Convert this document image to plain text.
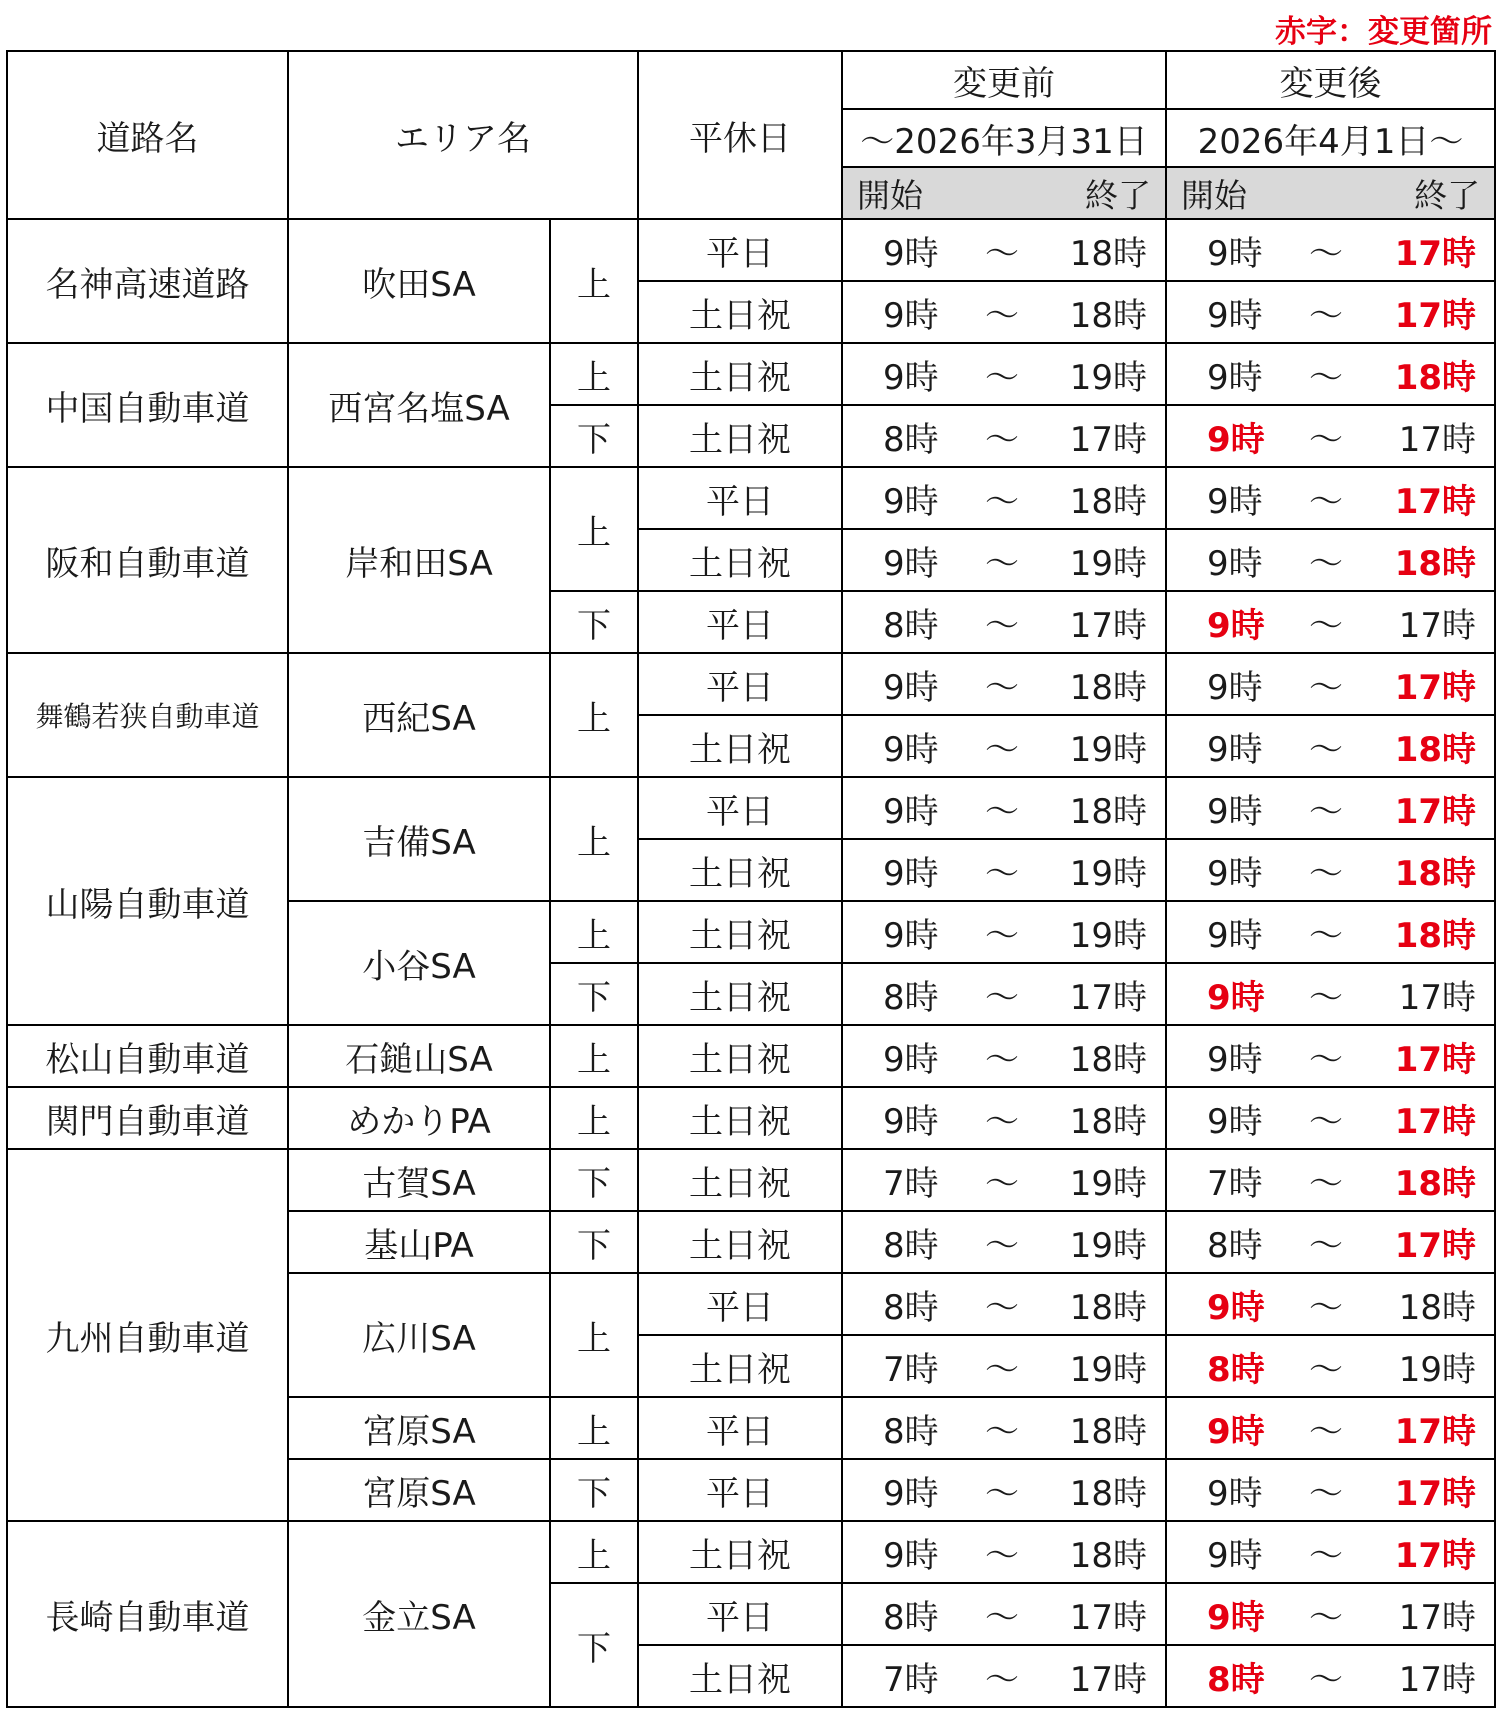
赤字：変更箇所
道路名	エリア名		平休日	変更前			変更後		
				～2026年3月31日			2026年4月1日～		

				開始 終了			開始 終了		

名神高速道路	吹田SA	上	平日	9時	～	18時	9時	～	17時
			土日祝	9時	～	18時	9時	～	17時
中国自動車道	西宮名塩SA	上	土日祝	9時	～	19時	9時	～	18時
		下	土日祝	8時	～	17時	9時	～	17時
阪和自動車道	岸和田SA	上	平日	9時	～	18時	9時	～	17時
			土日祝	9時	～	19時	9時	～	18時
		下	平日	8時	～	17時	9時	～	17時
舞鶴若狭自動車道	西紀SA	上	平日	9時	～	18時	9時	～	17時
			土日祝	9時	～	19時	9時	～	18時
山陽自動車道	吉備SA	上	平日	9時	～	18時	9時	～	17時
			土日祝	9時	～	19時	9時	～	18時
	小谷SA	上	土日祝	9時	～	19時	9時	～	18時
		下	土日祝	8時	～	17時	9時	～	17時
松山自動車道	石鎚山SA	上	土日祝	9時	～	18時	9時	～	17時
関門自動車道	めかりPA	上	土日祝	9時	～	18時	9時	～	17時
九州自動車道	古賀SA	下	土日祝	7時	～	19時	7時	～	18時
	基山PA	下	土日祝	8時	～	19時	8時	～	17時
	広川SA	上	平日	8時	～	18時	9時	～	18時
			土日祝	7時	～	19時	8時	～	19時
	宮原SA	上	平日	8時	～	18時	9時	～	17時
	宮原SA	下	平日	9時	～	18時	9時	～	17時
長崎自動車道	金立SA	上	土日祝	9時	～	18時	9時	～	17時
		下	平日	8時	～	17時	9時	～	17時
			土日祝	7時	～	17時	8時	～	17時
